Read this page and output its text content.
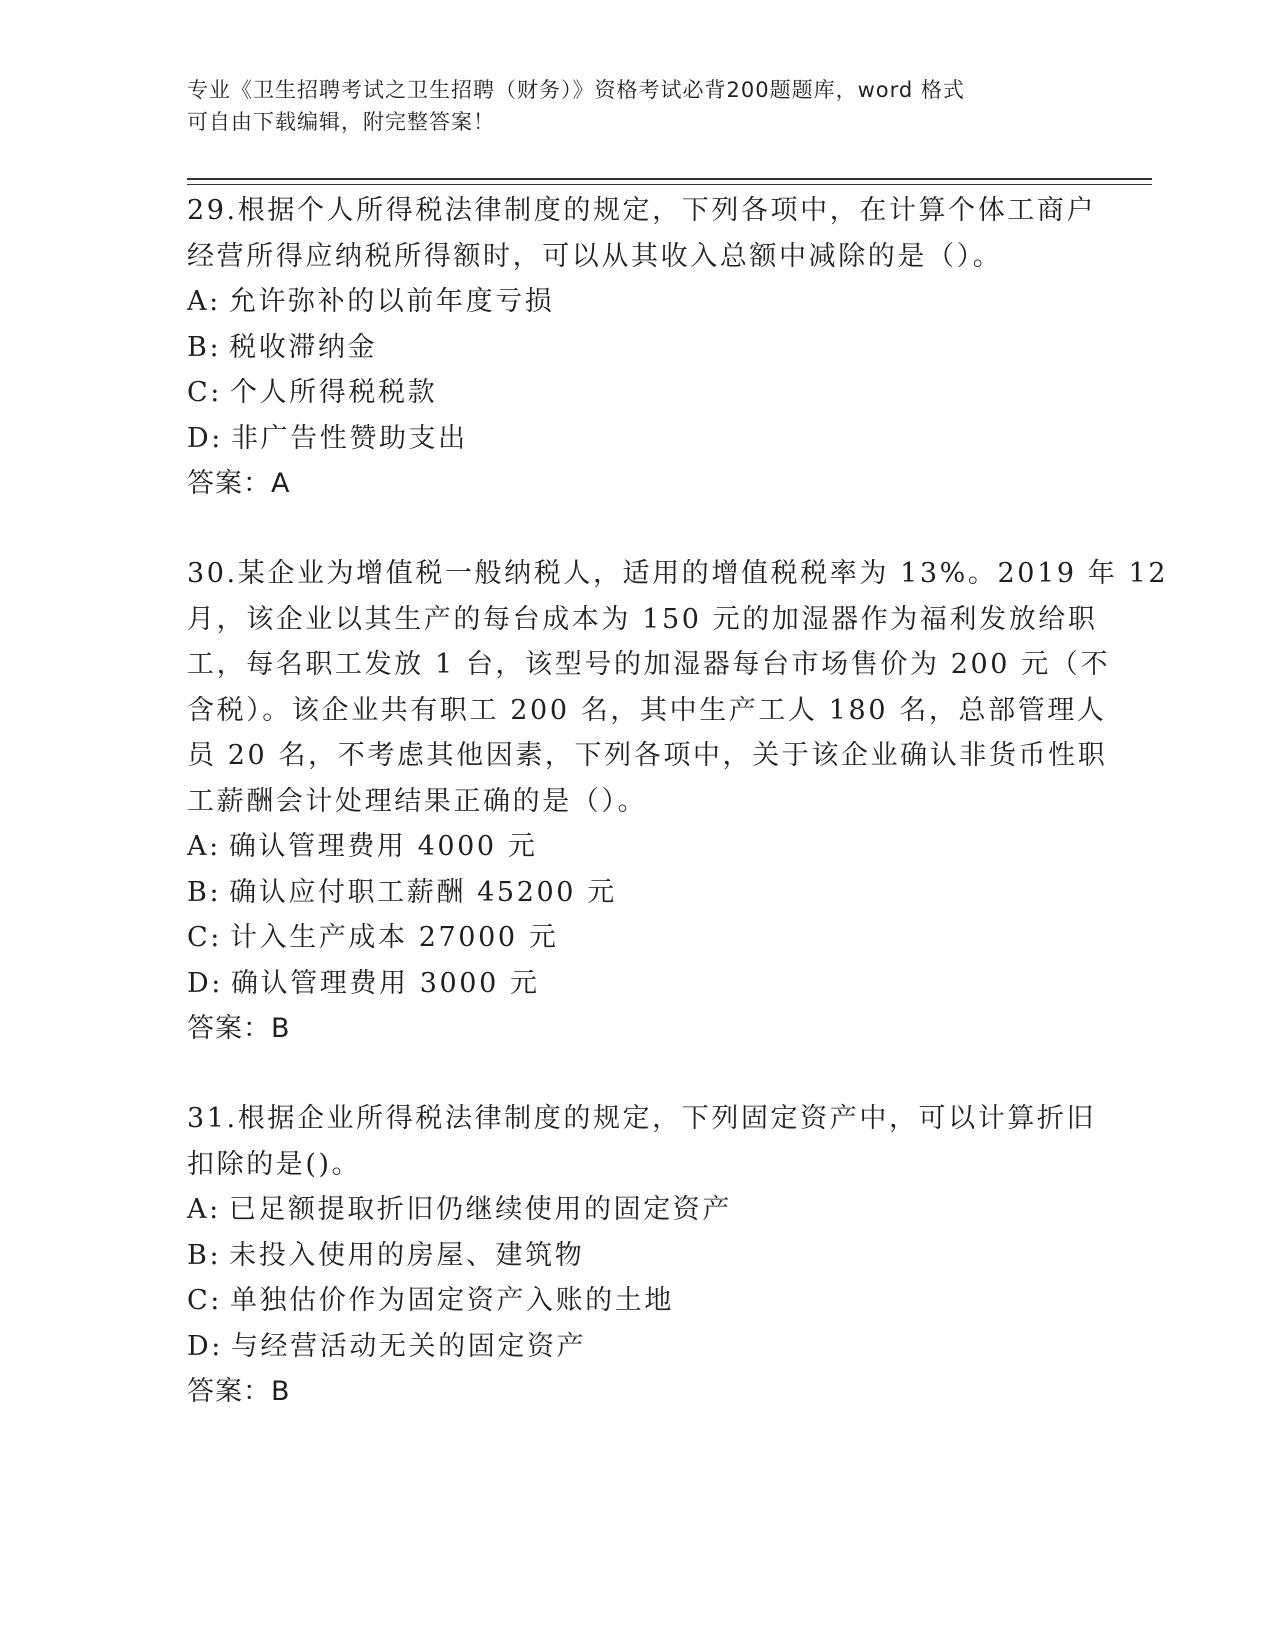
专业《卫生招聘考试之卫生招聘（财务）》资格考试必背200题题库，word 格式
可自由下载编辑，附完整答案！
29.根据个人所得税法律制度的规定，下列各项中，在计算个体工商户
经营所得应纳税所得额时，可以从其收入总额中减除的是（）。
A: 允许弥补的以前年度亏损
B: 税收滞纳金
C: 个人所得税税款
D: 非广告性赞助支出
答案：A
30.某企业为增值税一般纳税人，适用的增值税税率为 13%。2019 年 12
月，该企业以其生产的每台成本为 150 元的加湿器作为福利发放给职
工，每名职工发放 1 台，该型号的加湿器每台市场售价为 200 元（不
含税）。该企业共有职工 200 名，其中生产工人 180 名，总部管理人
员 20 名，不考虑其他因素，下列各项中，关于该企业确认非货币性职
工薪酬会计处理结果正确的是（）。
A: 确认管理费用 4000 元
B: 确认应付职工薪酬 45200 元
C: 计入生产成本 27000 元
D: 确认管理费用 3000 元
答案：B
31.根据企业所得税法律制度的规定，下列固定资产中，可以计算折旧
扣除的是()。
A: 已足额提取折旧仍继续使用的固定资产
B: 未投入使用的房屋、建筑物
C: 单独估价作为固定资产入账的土地
D: 与经营活动无关的固定资产
答案：B
